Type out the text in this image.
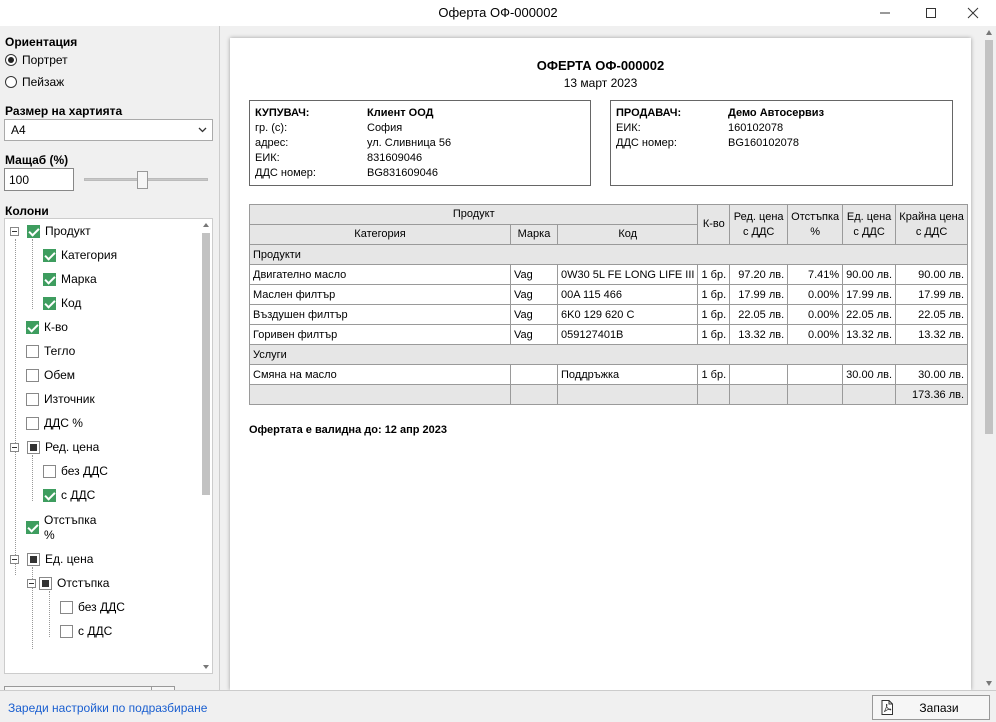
Оферта ОФ-000002
Ориентация
Портрет
Пейзаж
Размер на хартията
A4
Мащаб (%)
100
Колони
Продукт
Категория
Марка
Код
К-во
Тегло
Обем
Източник
ДДС %
Ред. цена
без ДДС
с ДДС
Отстъпка
%
Ед. цена
Отстъпка
без ДДС
с ДДС
ОФЕРТА ОФ-000002
13 март 2023
КУПУВАЧ:	Клиент ООД
гр. (с):	София
адрес:	ул. Сливница 56
ЕИК:	831609046
ДДС номер:	BG831609046
ПРОДАВАЧ:	Демо Автосервиз
ЕИК:	160102078
ДДС номер:	BG160102078
Продукт			К-во	Ред. цена
с ДДС	Отстъпка
%	Ед. цена
с ДДС	Крайна цена
с ДДС
Категория	Марка	Код					
Продукти							
Двигателно масло	Vag	0W30 5L FE LONG LIFE III	1 бр.	97.20 лв.	7.41%	90.00 лв.	90.00 лв.
Маслен филтър	Vag	00A 115 466	1 бр.	17.99 лв.	0.00%	17.99 лв.	17.99 лв.
Въздушен филтър	Vag	6K0 129 620 C	1 бр.	22.05 лв.	0.00%	22.05 лв.	22.05 лв.
Горивен филтър	Vag	059127401B	1 бр.	13.32 лв.	0.00%	13.32 лв.	13.32 лв.
Услуги							
Смяна на масло		Поддръжка	1 бр.			30.00 лв.	30.00 лв.
							173.36 лв.
Офертата е валидна до: 12 апр 2023
Зареди настройки по подразбиране	Запази
